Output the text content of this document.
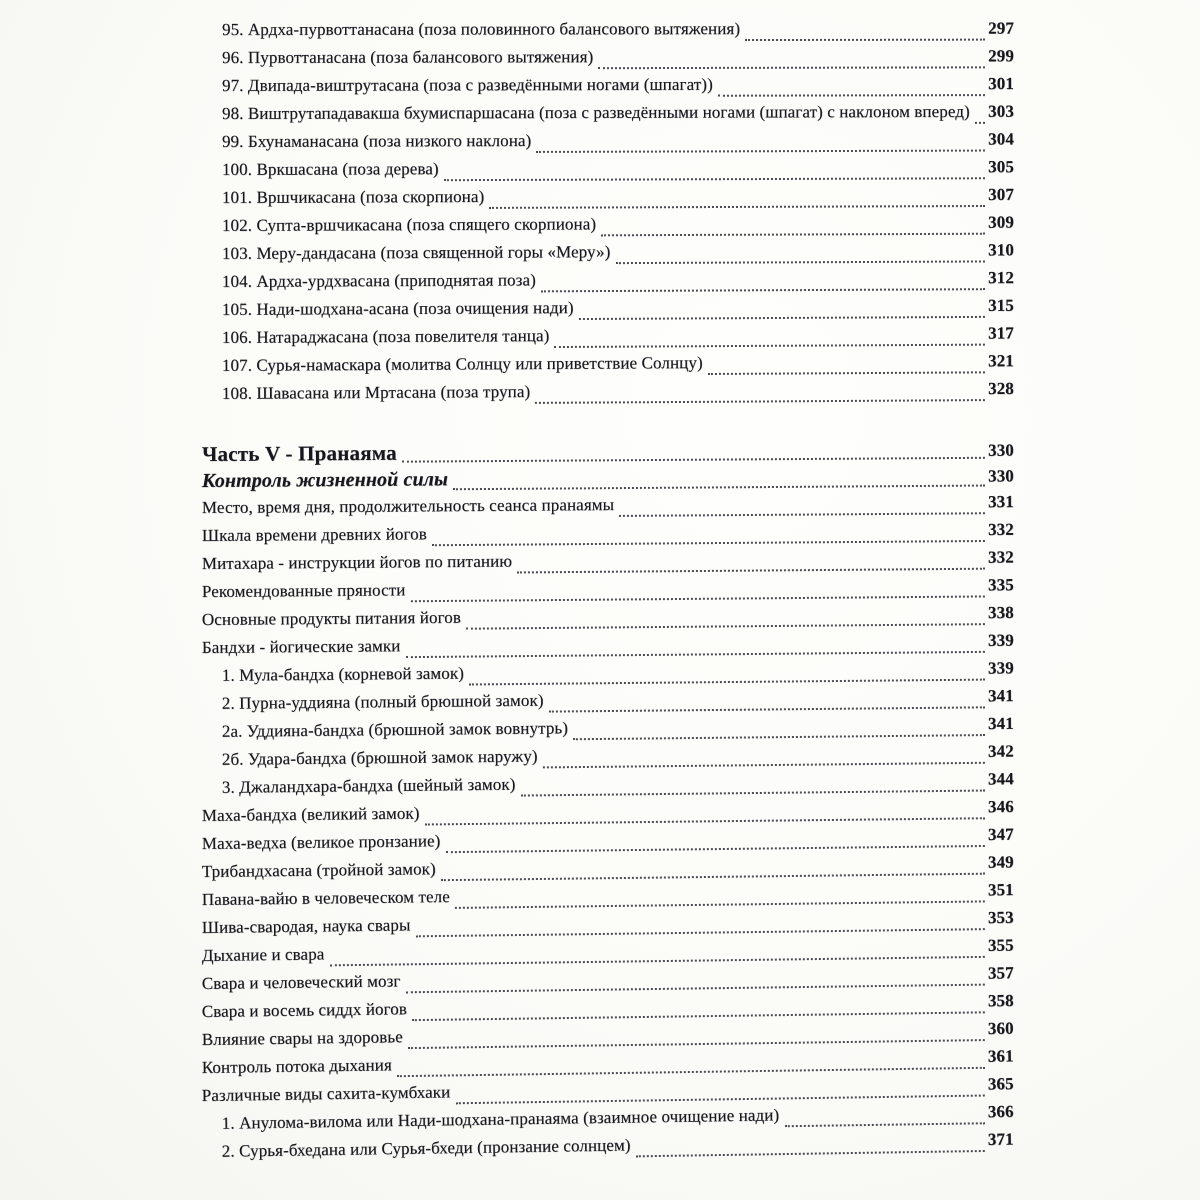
95. Ардха-пурвоттанасана (поза половинного балансового вытяжения)	297
96. Пурвоттанасана (поза балансового вытяжения)	299
97. Двипада-виштрутасана (поза с разведёнными ногами (шпагат))	301
98. Виштрутападавакша бхумиспаршасана (поза с разведёнными ногами (шпагат) с наклоном вперед) 303
99. Бхунаманасана (поза низкого наклона)	304
100. Вркшасана (поза дерева)	305
101. Вршчикасана (поза скорпиона)	307
102. Супта-вршчикасана (поза спящего скорпиона)	309
103. Меру-дандасана (поза священной горы «Меру»)	310
104. Ардха-урдхвасана (приподнятая поза)	312
105. Нади-шодхана-асана (поза очищения нади)	315
106. Натараджасана (поза повелителя танца)	317
107. Сурья-намаскара (молитва Солнцу или приветствие Солнцу)	321
108. Шавасана или Мртасана (поза трупа)	328
Часть V - Пранаяма	330
Контроль жизненной силы	330
Место, время дня, продолжительность сеанса пранаямы	331
Шкала времени древних йогов	332
Митахара - инструкции йогов по питанию	332
Рекомендованные пряности	335
Основные продукты питания йогов	338
Бандхи - йогические замки	339
1. Мула-бандха (корневой замок)	339
2. Пурна-уддияна (полный брюшной замок)	341
2а. Уддияна-бандха (брюшной замок вовнутрь)	341
2б. Удара-бандха (брюшной замок наружу)	342
3. Джаландхара-бандха (шейный замок)	344
Маха-бандха (великий замок)	346
Маха-ведха (великое пронзание)	347
Трибандхасана (тройной замок)	349
Павана-вайю в человеческом теле	351
Шива-свародая, наука свары	353
Дыхание и свара	355
Свара и человеческий мозг	357
Свара и восемь сиддх йогов	358
Влияние свары на здоровье	360
Контроль потока дыхания	361
Различные виды сахита-кумбхаки	365
1. Анулома-вилома или Нади-шодхана-пранаяма (взаимное очищение нади)	366
2. Сурья-бхедана или Сурья-бхеди (пронзание солнцем)	371
